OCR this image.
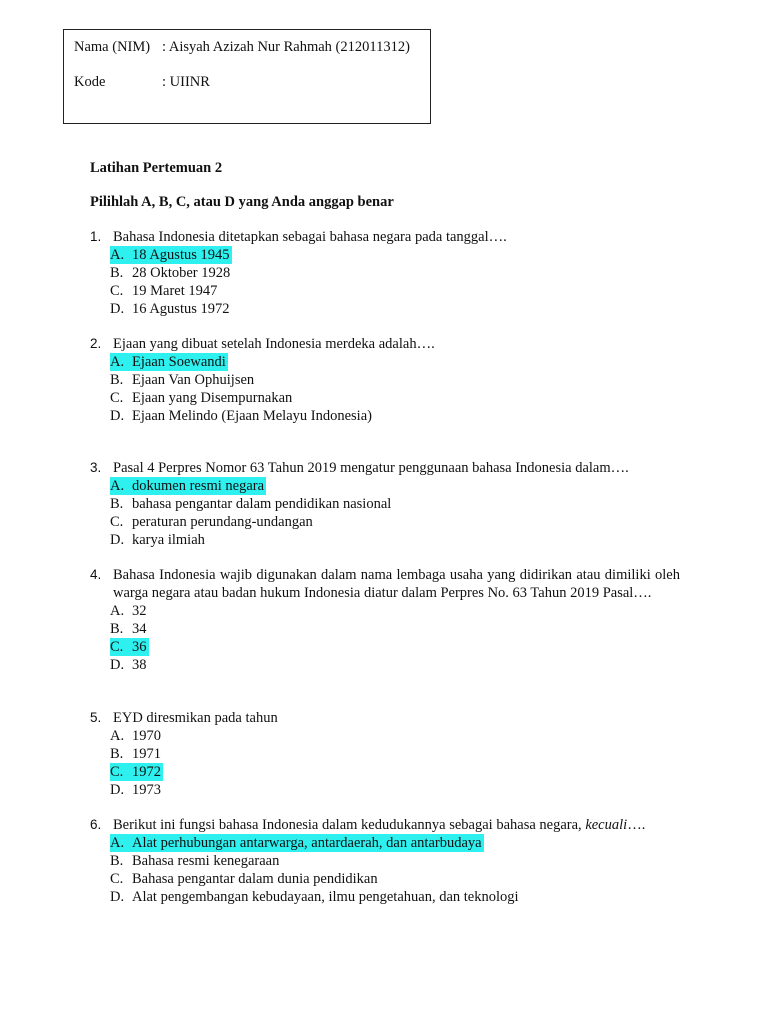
Nama (NIM) : Aisyah Azizah Nur Rahmah (212011312)
Kode	: UIINR
Latihan Pertemuan 2
Pilihlah A, B, C, atau D yang Anda anggap benar
1. Bahasa Indonesia ditetapkan sebagai bahasa negara pada tanggal….
A. 18 Agustus 1945
B. 28 Oktober 1928
C. 19 Maret 1947
D. 16 Agustus 1972
2. Ejaan yang dibuat setelah Indonesia merdeka adalah….
A. Ejaan Soewandi
B. Ejaan Van Ophuijsen
C. Ejaan yang Disempurnakan
D. Ejaan Melindo (Ejaan Melayu Indonesia)
3. Pasal 4 Perpres Nomor 63 Tahun 2019 mengatur penggunaan bahasa Indonesia dalam….
A. dokumen resmi negara
B. bahasa pengantar dalam pendidikan nasional
C. peraturan perundang-undangan
D. karya ilmiah
4. Bahasa Indonesia wajib digunakan dalam nama lembaga usaha yang didirikan atau dimiliki oleh warga negara atau badan hukum Indonesia diatur dalam Perpres No. 63 Tahun 2019 Pasal….
A. 32
B. 34
C. 36
D. 38
5. EYD diresmikan pada tahun
A. 1970
B. 1971
C. 1972
D. 1973
6. Berikut ini fungsi bahasa Indonesia dalam kedudukannya sebagai bahasa negara, kecuali….
A. Alat perhubungan antarwarga, antardaerah, dan antarbudaya
B. Bahasa resmi kenegaraan
C. Bahasa pengantar dalam dunia pendidikan
D. Alat pengembangan kebudayaan, ilmu pengetahuan, dan teknologi
